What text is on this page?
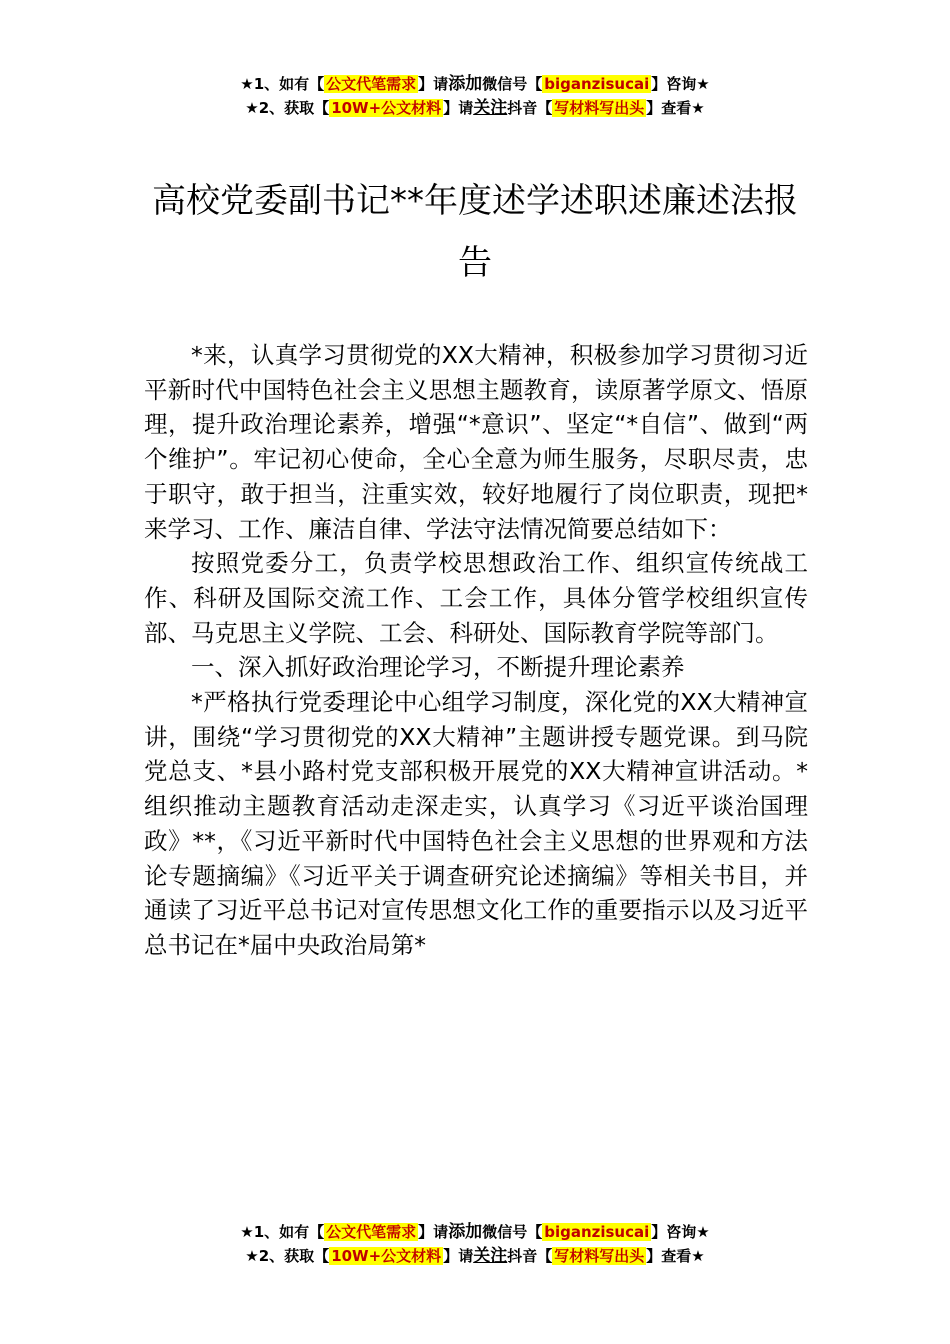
★1、如有【 公文代笔需求 】请添加微信号【 biganzisucai 】咨询★
★2、获取【 10W+公文材料 】请关注抖音【 写材料写出头 】查看★
高校党委副书记**年度述学述职述廉述法报告

*来，认真学习贯彻党的XX大精神，积极参加学习贯彻习近平新时代中国特色社会主义思想主题教育，读原著学原文、悟原理，提升政治理论素养，增强“*意识”、坚定“*自信”、做到“两个维护”。牢记初心使命，全心全意为师生服务，尽职尽责，忠于职守，敢于担当，注重实效，较好地履行了岗位职责，现把*来学习、工作、廉洁自律、学法守法情况简要总结如下：

按照党委分工，负责学校思想政治工作、组织宣传统战工作、科研及国际交流工作、工会工作，具体分管学校组织宣传部、马克思主义学院、工会、科研处、国际教育学院等部门。

一、深入抓好政治理论学习，不断提升理论素养

*严格执行党委理论中心组学习制度，深化党的XX大精神宣讲，围绕“学习贯彻党的XX大精神”主题讲授专题党课。到马院党总支、*县小路村党支部积极开展党的XX大精神宣讲活动。*组织推动主题教育活动走深走实，认真学习《习近平谈治国理政》**，《习近平新时代中国特色社会主义思想的世界观和方法论专题摘编》《习近平关于调查研究论述摘编》等相关书目，并通读了习近平总书记对宣传思想文化工作的重要指示以及习近平总书记在*届中央政治局第*

★1、如有【 公文代笔需求 】请添加微信号【 biganzisucai 】咨询★
★2、获取【 10W+公文材料 】请关注抖音【 写材料写出头 】查看★
